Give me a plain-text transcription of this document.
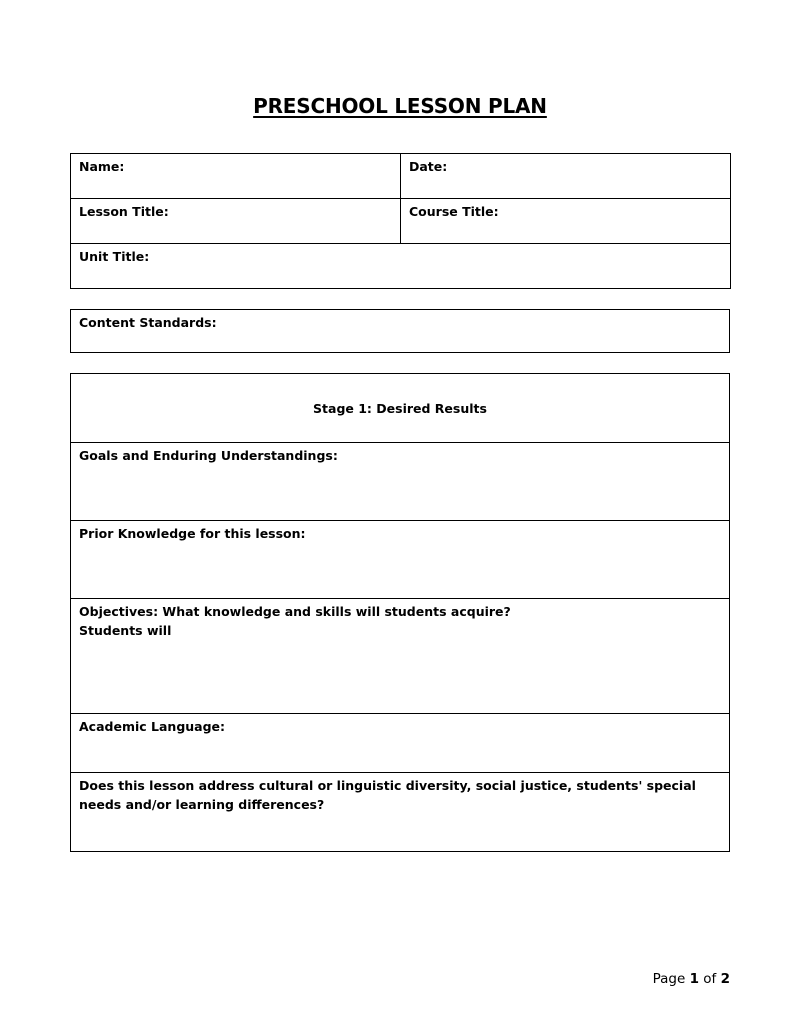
PRESCHOOL LESSON PLAN
Name:	Date:

Lesson Title:	Course Title:

Unit Title:	
Content Standards:
Stage 1: Desired Results

Goals and Enduring Understandings:

Prior Knowledge for this lesson:

Objectives: What knowledge and skills will students acquire?
Students will

Academic Language:

Does this lesson address cultural or linguistic diversity, social justice, students' special needs and/or learning differences?
Page 1 of 2
